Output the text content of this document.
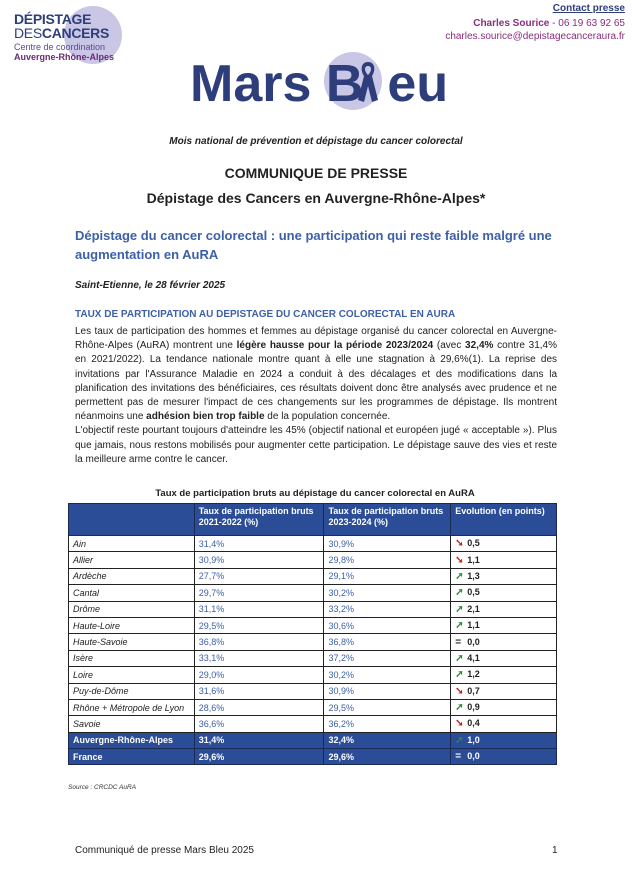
DÉPISTAGE
DESCANCERS
Centre de coordination
Auvergne-Rhône-Alpes
Contact presse
Charles Sourice - 06 19 63 92 65
charles.sourice@depistagecanceraura.fr
Mars B eu
Mois national de prévention et dépistage du cancer colorectal
COMMUNIQUE DE PRESSE
Dépistage des Cancers en Auvergne-Rhône-Alpes*
Dépistage du cancer colorectal : une participation qui reste faible malgré une augmentation en AuRA
Saint-Etienne, le 28 février 2025
TAUX DE PARTICIPATION AU DEPISTAGE DU CANCER COLORECTAL EN AURA

Les taux de participation des hommes et femmes au dépistage organisé du cancer colorectal en Auvergne-Rhône-Alpes (AuRA) montrent une légère hausse pour la période 2023/2024 (avec 32,4% contre 31,4% en 2021/2022). La tendance nationale montre quant à elle une stagnation à 29,6%(1). La reprise des invitations par l'Assurance Maladie en 2024 a conduit à des décalages et des modifications dans la planification des invitations des bénéficiaires, ces résultats doivent donc être analysés avec prudence et ne permettent pas de mesurer l'impact de ces changements sur les programmes de dépistage. Ils montrent néanmoins une adhésion bien trop faible de la population concernée.

L'objectif reste pourtant toujours d'atteindre les 45% (objectif national et européen jugé « acceptable »). Plus que jamais, nous restons mobilisés pour augmenter cette participation. Le dépistage sauve des vies et reste la meilleure arme contre le cancer.

Taux de participation bruts au dépistage du cancer colorectal en AuRA
	Taux de participation bruts 2021-2022 (%)	Taux de participation bruts 2023-2024 (%)	Evolution (en points)
Ain	31,4%	30,9%	➘ 0,5
Allier	30,9%	29,8%	➘ 1,1
Ardèche	27,7%	29,1%	➚ 1,3
Cantal	29,7%	30,2%	➚ 0,5
Drôme	31,1%	33,2%	➚ 2,1
Haute-Loire	29,5%	30,6%	➚ 1,1
Haute-Savoie	36,8%	36,8%	= 0,0
Isère	33,1%	37,2%	➚ 4,1
Loire	29,0%	30,2%	➚ 1,2
Puy-de-Dôme	31,6%	30,9%	➘ 0,7
Rhône + Métropole de Lyon	28,6%	29,5%	➚ 0,9
Savoie	36,6%	36,2%	➘ 0,4
Auvergne-Rhône-Alpes	31,4%	32,4%	➚ 1,0
France	29,6%	29,6%	= 0,0
Source : CRCDC AuRA
Communiqué de presse Mars Bleu 2025	1
